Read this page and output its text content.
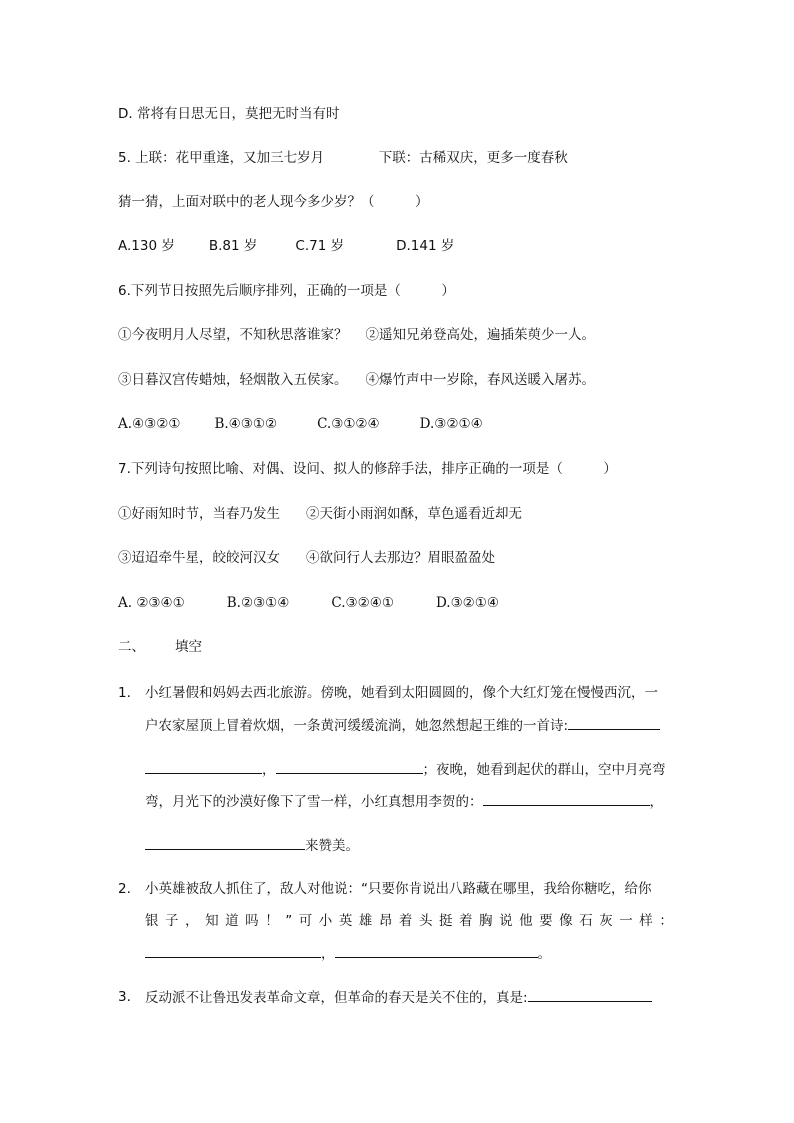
D. 常将有日思无日，莫把无时当有时
5. 上联：花甲重逢，又加三七岁月	下联：古稀双庆，更多一度春秋
猜一猜，上面对联中的老人现今多少岁？（　　　）
A.130 岁	B.81 岁	C.71 岁	D.141 岁
6.下列节日按照先后顺序排列，正确的一项是（　　　）
①今夜明月人尽望，不知秋思落谁家？ ②遥知兄弟登高处，遍插茱萸少一人。
③日暮汉宫传蜡烛，轻烟散入五侯家。 ④爆竹声中一岁除，春风送暖入屠苏。
A.④③②①	B.④③①②	C.③①②④	D.③②①④
7.下列诗句按照比喻、对偶、设问、拟人的修辞手法，排序正确的一项是（　　　）
①好雨知时节，当春乃发生 ②天街小雨润如酥，草色遥看近却无
③迢迢牵牛星，皎皎河汉女 ④欲问行人去那边？眉眼盈盈处
A. ②③④①	B.②③①④	C.③②④①	D.③②①④
二、 填空
1. 小红暑假和妈妈去西北旅游。傍晚，她看到太阳圆圆的，像个大红灯笼在慢慢西沉，一
户农家屋顶上冒着炊烟，一条黄河缓缓流淌，她忽然想起王维的一首诗:
，	；夜晚，她看到起伏的群山，空中月亮弯
弯，月光下的沙漠好像下了雪一样，小红真想用李贺的：	，
来赞美。
2. 小英雄被敌人抓住了，敌人对他说：“只要你肯说出八路藏在哪里，我给你糖吃，给你
银 子 ， 知 道 吗 ！ ” 可 小 英 雄 昂 着 头 挺 着 胸 说 他 要 像 石 灰 一 样 ：
，	。
3. 反动派不让鲁迅发表革命文章，但革命的春天是关不住的，真是:
